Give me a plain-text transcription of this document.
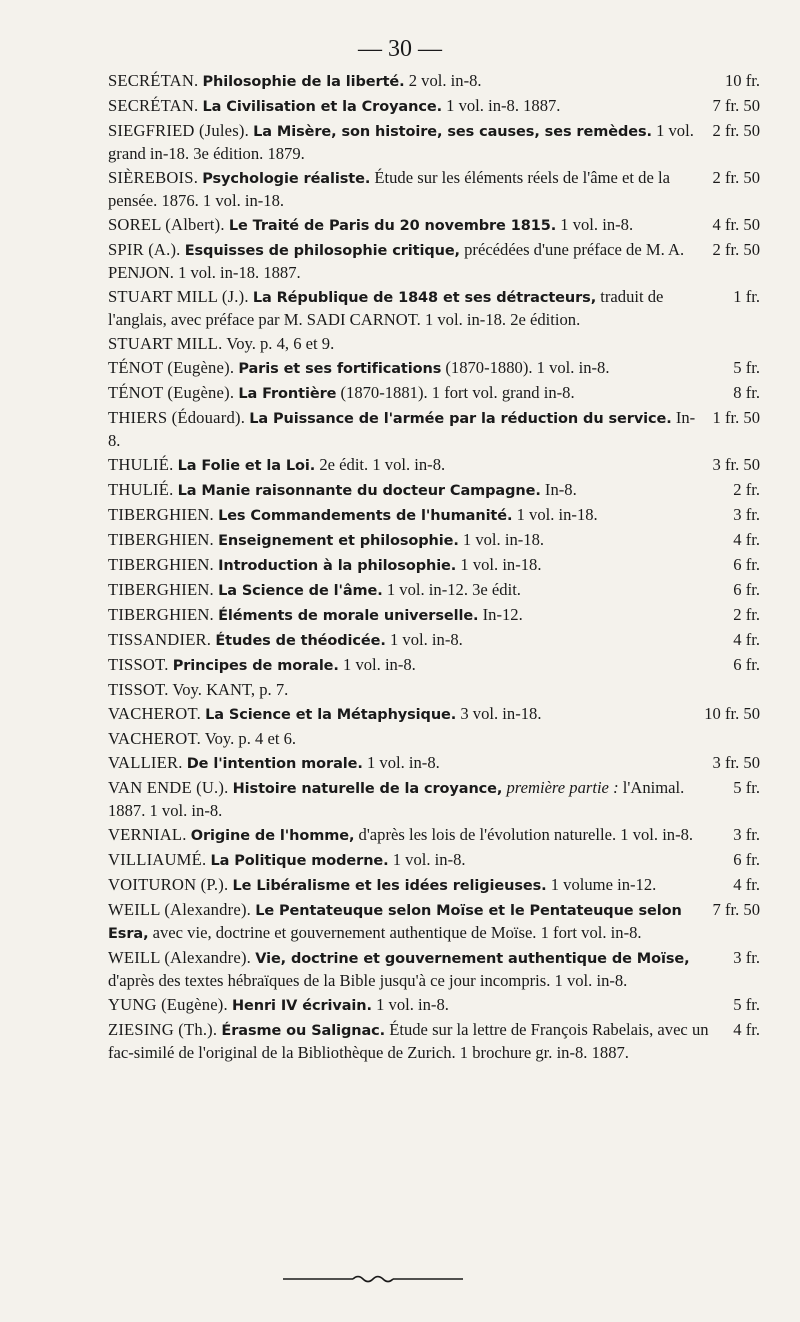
— 30 —

10 fr.
SECRÉTAN. Philosophie de la liberté. 2 vol. in-8.

7 fr. 50
SECRÉTAN. La Civilisation et la Croyance. 1 vol. in-8. 1887.

2 fr. 50
SIEGFRIED (Jules). La Misère, son histoire, ses causes, ses remèdes. 1 vol. grand in-18. 3e édition. 1879.

2 fr. 50
SIÈREBOIS. Psychologie réaliste. Étude sur les éléments réels de l'âme et de la pensée. 1876. 1 vol. in-18.

4 fr. 50
SOREL (Albert). Le Traité de Paris du 20 novembre 1815. 1 vol. in-8.

2 fr. 50
SPIR (A.). Esquisses de philosophie critique, précédées d'une préface de M. A. PENJON. 1 vol. in-18. 1887.

1 fr.
STUART MILL (J.). La République de 1848 et ses détracteurs, traduit de l'anglais, avec préface par M. SADI CARNOT. 1 vol. in-18. 2e édition.

STUART MILL. Voy. p. 4, 6 et 9.

5 fr.
TÉNOT (Eugène). Paris et ses fortifications (1870-1880). 1 vol. in-8.

8 fr.
TÉNOT (Eugène). La Frontière (1870-1881). 1 fort vol. grand in-8.

1 fr. 50
THIERS (Édouard). La Puissance de l'armée par la réduction du service. In-8.

3 fr. 50
THULIÉ. La Folie et la Loi. 2e édit. 1 vol. in-8.

2 fr.
THULIÉ. La Manie raisonnante du docteur Campagne. In-8.

3 fr.
TIBERGHIEN. Les Commandements de l'humanité. 1 vol. in-18.

4 fr.
TIBERGHIEN. Enseignement et philosophie. 1 vol. in-18.

6 fr.
TIBERGHIEN. Introduction à la philosophie. 1 vol. in-18.

6 fr.
TIBERGHIEN. La Science de l'âme. 1 vol. in-12. 3e édit.

2 fr.
TIBERGHIEN. Éléments de morale universelle. In-12.

4 fr.
TISSANDIER. Études de théodicée. 1 vol. in-8.

6 fr.
TISSOT. Principes de morale. 1 vol. in-8.

TISSOT. Voy. KANT, p. 7.

10 fr. 50
VACHEROT. La Science et la Métaphysique. 3 vol. in-18.

VACHEROT. Voy. p. 4 et 6.

3 fr. 50
VALLIER. De l'intention morale. 1 vol. in-8.

5 fr.
VAN ENDE (U.). Histoire naturelle de la croyance, première partie : l'Animal. 1887. 1 vol. in-8.

3 fr.
VERNIAL. Origine de l'homme, d'après les lois de l'évolution naturelle. 1 vol. in-8.

6 fr.
VILLIAUMÉ. La Politique moderne. 1 vol. in-8.

4 fr.
VOITURON (P.). Le Libéralisme et les idées religieuses. 1 volume in-12.

7 fr. 50
WEILL (Alexandre). Le Pentateuque selon Moïse et le Pentateuque selon Esra, avec vie, doctrine et gouvernement authentique de Moïse. 1 fort vol. in-8.

3 fr.
WEILL (Alexandre). Vie, doctrine et gouvernement authentique de Moïse, d'après des textes hébraïques de la Bible jusqu'à ce jour incompris. 1 vol. in-8.

5 fr.
YUNG (Eugène). Henri IV écrivain. 1 vol. in-8.

4 fr.
ZIESING (Th.). Érasme ou Salignac. Étude sur la lettre de François Rabelais, avec un fac-similé de l'original de la Bibliothèque de Zurich. 1 brochure gr. in-8. 1887.
